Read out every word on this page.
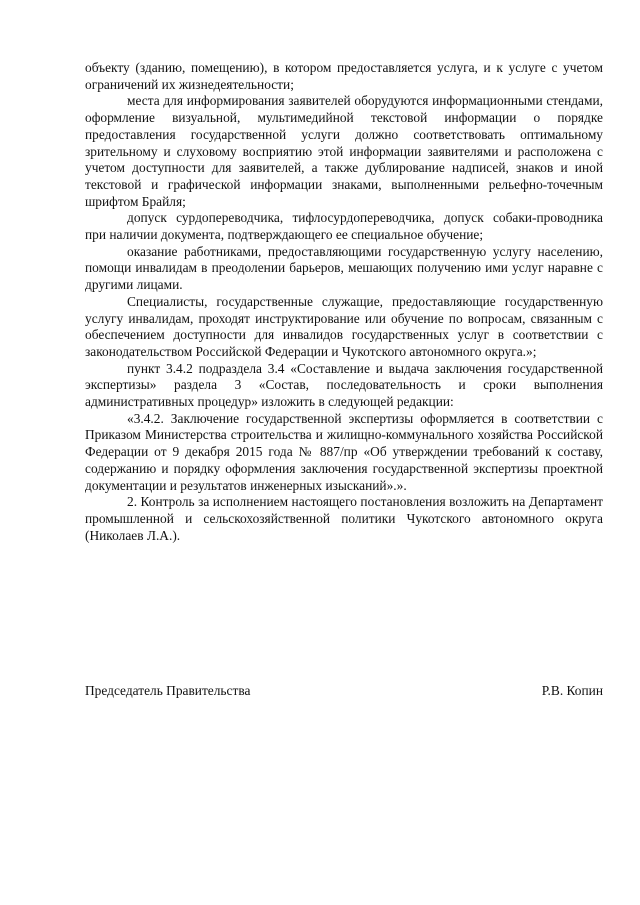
объекту (зданию, помещению), в котором предоставляется услуга, и к услуге с учетом ограничений их жизнедеятельности;

места для информирования заявителей оборудуются информационными стендами, оформление визуальной, мультимедийной текстовой информации о порядке предоставления государственной услуги должно соответствовать оптимальному зрительному и слуховому восприятию этой информации заявителями и расположена с учетом доступности для заявителей, а также дублирование надписей, знаков и иной текстовой и графической информации знаками, выполненными рельефно-точечным шрифтом Брайля;

допуск сурдопереводчика, тифлосурдопереводчика, допуск собаки-проводника при наличии документа, подтверждающего ее специальное обучение;

оказание работниками, предоставляющими государственную услугу населению, помощи инвалидам в преодолении барьеров, мешающих получению ими услуг наравне с другими лицами.

Специалисты, государственные служащие, предоставляющие государственную услугу инвалидам, проходят инструктирование или обучение по вопросам, связанным с обеспечением доступности для инвалидов государственных услуг в соответствии с законодательством Российской Федерации и Чукотского автономного округа.»;

пункт 3.4.2 подраздела 3.4 «Составление и выдача заключения государственной экспертизы» раздела 3 «Состав, последовательность и сроки выполнения административных процедур» изложить в следующей редакции:

«3.4.2. Заключение государственной экспертизы оформляется в соответствии с Приказом Министерства строительства и жилищно-коммунального хозяйства Российской Федерации от 9 декабря 2015 года № 887/пр «Об утверждении требований к составу, содержанию и порядку оформления заключения государственной экспертизы проектной документации и результатов инженерных изысканий».».

2. Контроль за исполнением настоящего постановления возложить на Департамент промышленной и сельскохозяйственной политики Чукотского автономного округа (Николаев Л.А.).

Председатель Правительства	Р.В. Копин
